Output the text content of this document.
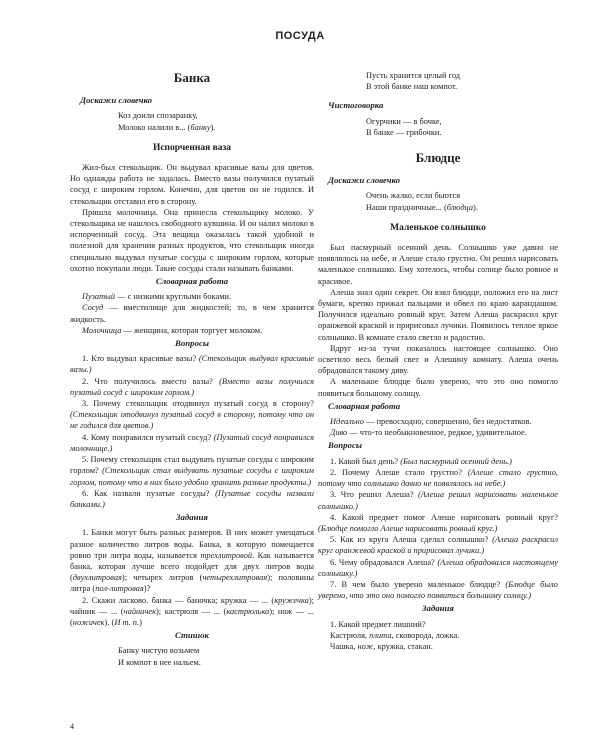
ПОСУДА
Банка
Доскажи словечко
Коз доили спозаранку,
Молоко налили в... (банку).
Испорченная ваза

Жил-был стекольщик. Он выдувал красивые вазы для цветов. Но однажды работа не задалась. Вместо вазы получился пузатый сосуд с широким горлом. Конечно, для цветов он не годился. И стекольщик отставил его в сторону.

Пришла молочница. Она принесла стекольщику молоко. У стекольщика не нашлось свободного кувшина. И он налил молоко в испорченный сосуд. Эта вещица оказалась такой удобной и полезной для хранения разных продуктов, что стекольщик иногда специально выдувал пузатые сосуды с широким горлом, которые охотно покупали люди. Такие сосуды стали называть банками.

Словарная работа

Пузатый — с низкими круглыми боками.

Сосуд — вместилище для жидкостей; то, в чем хранится жидкость.

Молочница — женщина, которая торгует молоком.

Вопросы

1. Кто выдувал красивые вазы? (Стекольщик выдувал красивые вазы.)

2. Что получилось вместо вазы? (Вместо вазы получился пузатый сосуд с широким горлом.)

3. Почему стекольщик отодвинул пузатый сосуд в сторону? (Стекольщик отодвинул пузатый сосуд в сторону, потому что он не годился для цветов.)

4. Кому понравился пузатый сосуд? (Пузатый сосуд понравился молочнице.)

5. Почему стекольщик стал выдувать пузатые сосуды с широким горлом? (Стекольщик стал выдувать пузатые сосуды с широким горлом, потому что в них было удобно хранить разные продукты.)

6. Как назвали пузатые сосуды? (Пузатые сосуды назвали банками.)

Задания

1. Банки могут быть разных размеров. В них может умещаться разное количество литров воды. Банка, в которую помещается ровно три литра воды, называется трехлитровой. Как называется банка, которая лучше всего подойдет для двух литров воды (двухлитровая); четырех литров (четырехлитровая); половины литра (пол-литровая)?

2. Скажи ласково. банка — баночка; кружка — ... (кружечка); чайник — ... (чайничек); кастрюля — ... (кастрюлька); нож — ... (ножичек). (И т. п.)

Стишок
Банку чистую возьмем
И компот в нее нальем.
Пусть хранится целый год
В этой банке наш компот.
Чистоговорка
Огурчики — в бочке,
В банке — грибочки.
Блюдце
Доскажи словечко
Очень жалко, если бьются
Наши праздничные... (блюдца).
Маленькое солнышко

Был пасмурный осенний день. Солнышко уже давно не появлялось на небе, и Алеше стало грустно. Он решил нарисовать маленькое солнышко. Ему хотелось, чтобы солнце было ровное и красивое.

Алеша знал один секрет. Он взял блюдце, положил его на лист бумаги, крепко прижал пальцами и обвел по краю карандашом. Получился идеально ровный круг. Затем Алеша раскрасил круг оранжевой краской и пририсовал лучики. Появилось теплое яркое солнышко. В комнате стало светло и радостно.

Вдруг из-за тучи показалось настоящее солнышко. Оно осветило весь белый свет и Алешину комнату. Алеша очень обрадовался такому диву.

А маленькое блюдце было уверено, что это оно помогло появиться большому солнцу.

Словарная работа

Идеально — превосходно, совершенно, без недостатков.

Диво — что-то необыкновенное, редкое, удивительное.

Вопросы

1. Какой был день? (Был пасмурный осенний день.)

2. Почему Алеше стало грустно? (Алеше стало грустно, потому что солнышко давно не появлялось на небе.)

3. Что решил Алеша? (Алеша решил нарисовать маленькое солнышко.)

4. Какой предмет помог Алеше нарисовать ровный круг? (Блюдце помогло Алеше нарисовать ровный круг.)

5. Как из круга Алеша сделал солнышко? (Алеша раскрасил круг оранжевой краской и пририсовал лучики.)

6. Чему обрадовался Алеша? (Алеша обрадовался настоящему солнышку.)

7. В чем было уверено маленькое блюдце? (Блюдце было уверено, что это оно помогло появиться большому солнцу.)

Задания

1. Какой предмет лишний?

Кастрюля, плита, сковорода, ложка.

Чашка, нож, кружка, стакан.

4
